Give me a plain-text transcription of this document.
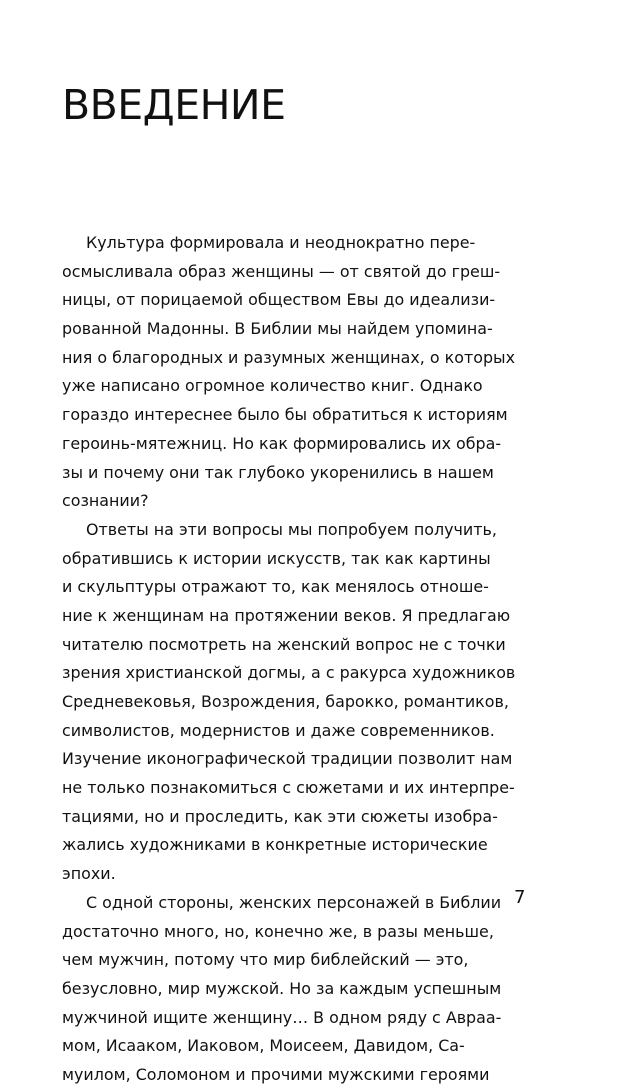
ВВЕДЕНИЕ
Культура формировала и неоднократно пере-
осмысливала образ женщины — от святой до греш-
ницы, от порицаемой обществом Евы до идеализи-
рованной Мадонны. В Библии мы найдем упомина-
ния о благородных и разумных женщинах, о которых
уже написано огромное количество книг. Однако
гораздо интереснее было бы обратиться к историям
героинь-мятежниц. Но как формировались их обра-
зы и почему они так глубоко укоренились в нашем
сознании?
Ответы на эти вопросы мы попробуем получить,
обратившись к истории искусств, так как картины
и скульптуры отражают то, как менялось отноше-
ние к женщинам на протяжении веков. Я предлагаю
читателю посмотреть на женский вопрос не с точки
зрения христианской догмы, а с ракурса художников
Средневековья, Возрождения, барокко, романтиков,
символистов, модернистов и даже современников.
Изучение иконографической традиции позволит нам
не только познакомиться с сюжетами и их интерпре-
тациями, но и проследить, как эти сюжеты изобра-
жались художниками в конкретные исторические
эпохи.
С одной стороны, женских персонажей в Библии
достаточно много, но, конечно же, в разы меньше,
чем мужчин, потому что мир библейский — это,
безусловно, мир мужской. Но за каждым успешным
мужчиной ищите женщину… В одном ряду с Авраа-
мом, Исааком, Иаковом, Моисеем, Давидом, Са-
муилом, Соломоном и прочими мужскими героями
7
